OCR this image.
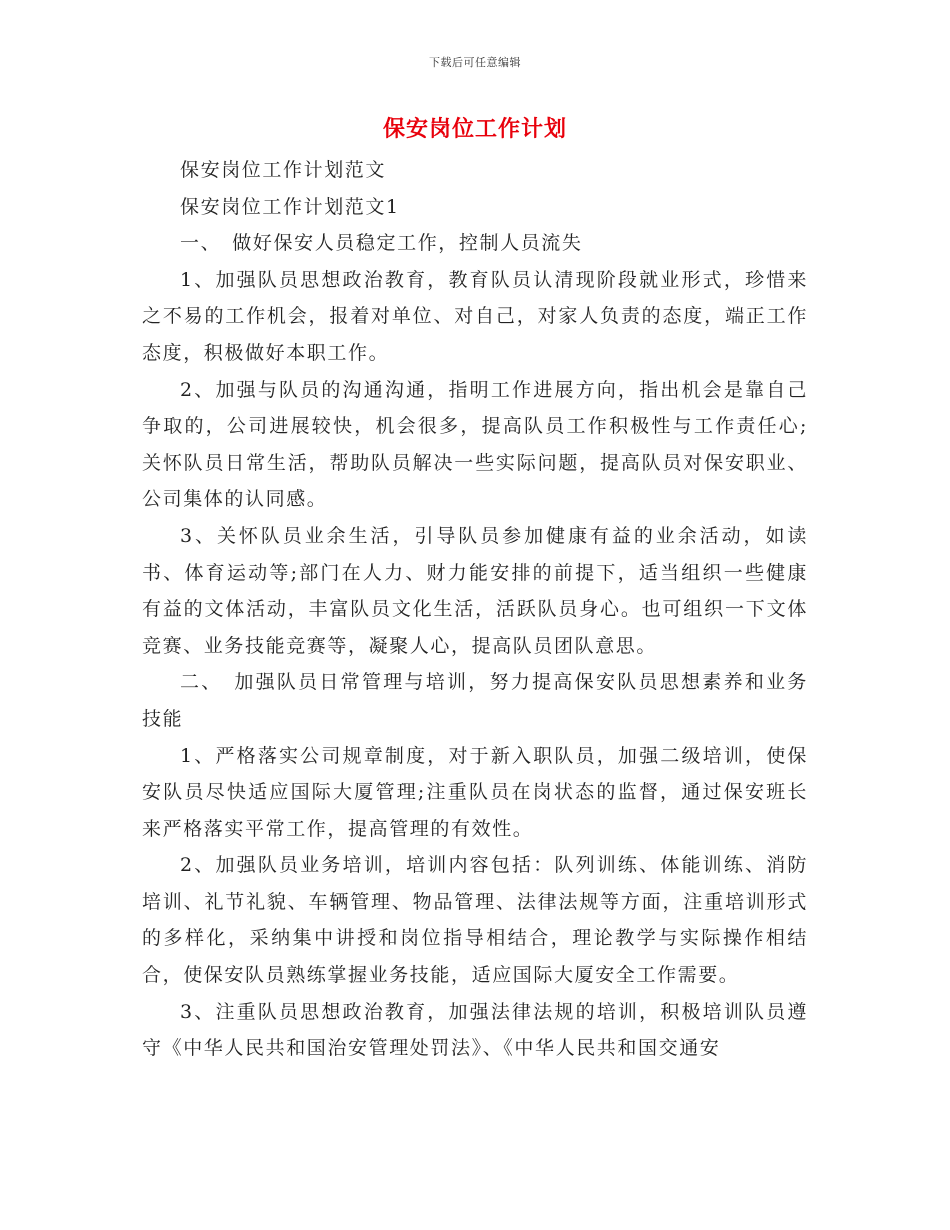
下载后可任意编辑
保安岗位工作计划

保安岗位工作计划范文

保安岗位工作计划范文1

一、　做好保安人员稳定工作，控制人员流失

1、加强队员思想政治教育，教育队员认清现阶段就业形式，珍惜来之不易的工作机会，报着对单位、对自己，对家人负责的态度，端正工作态度，积极做好本职工作。

2、加强与队员的沟通沟通，指明工作进展方向，指出机会是靠自己争取的，公司进展较快，机会很多，提高队员工作积极性与工作责任心;关怀队员日常生活，帮助队员解决一些实际问题，提高队员对保安职业、公司集体的认同感。

3、关怀队员业余生活，引导队员参加健康有益的业余活动，如读书、体育运动等;部门在人力、财力能安排的前提下，适当组织一些健康有益的文体活动，丰富队员文化生活，活跃队员身心。也可组织一下文体竞赛、业务技能竞赛等，凝聚人心，提高队员团队意思。

二、　加强队员日常管理与培训，努力提高保安队员思想素养和业务技能

1、严格落实公司规章制度，对于新入职队员，加强二级培训，使保安队员尽快适应国际大厦管理;注重队员在岗状态的监督，通过保安班长来严格落实平常工作，提高管理的有效性。

2、加强队员业务培训，培训内容包括：队列训练、体能训练、消防培训、礼节礼貌、车辆管理、物品管理、法律法规等方面，注重培训形式的多样化，采纳集中讲授和岗位指导相结合，理论教学与实际操作相结合，使保安队员熟练掌握业务技能，适应国际大厦安全工作需要。

3、注重队员思想政治教育，加强法律法规的培训，积极培训队员遵守《中华人民共和国治安管理处罚法》、《中华人民共和国交通安
